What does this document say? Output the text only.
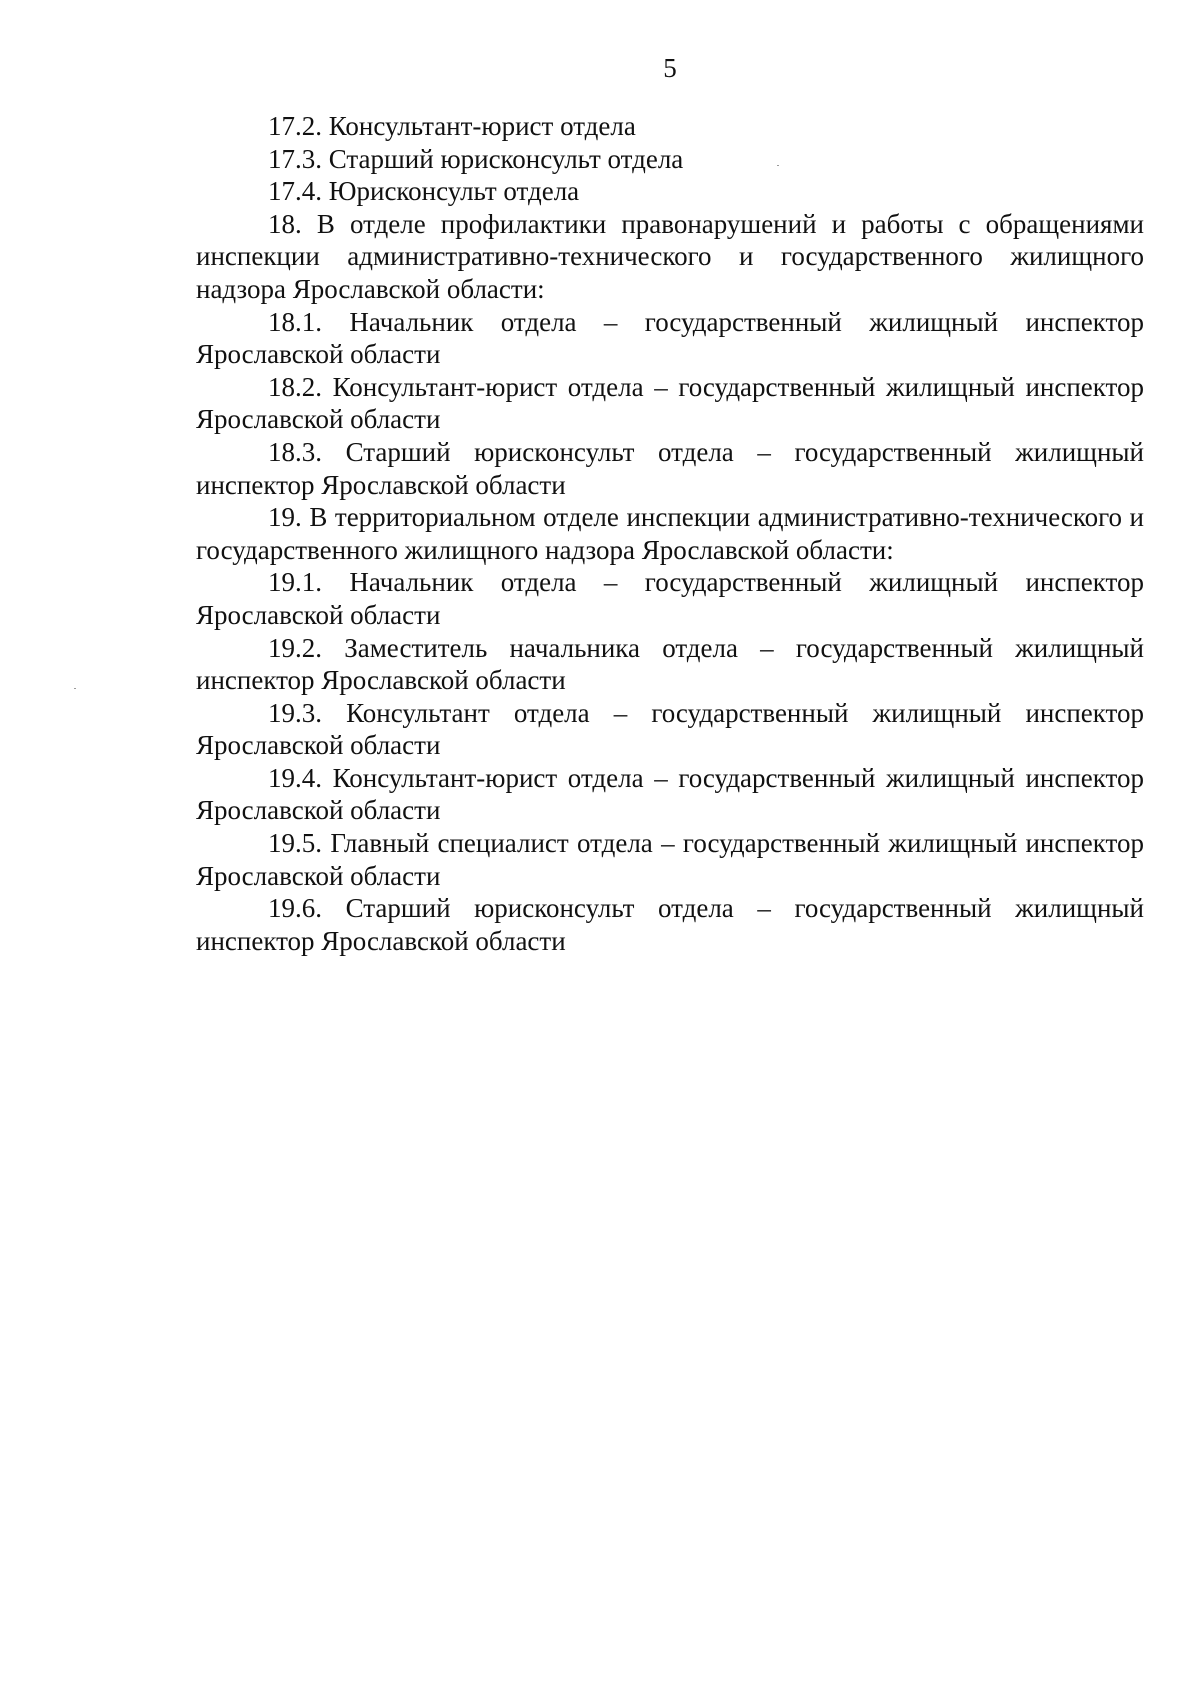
5

17.2. Консультант-юрист отдела

17.3. Старший юрисконсульт отдела

17.4. Юрисконсульт отдела

18. В отделе профилактики правонарушений и работы с обращениями инспекции административно-технического и государственного жилищного надзора Ярославской области:

18.1. Начальник отдела – государственный жилищный инспектор Ярославской области

18.2. Консультант-юрист отдела – государственный жилищный инспектор Ярославской области

18.3. Старший юрисконсульт отдела – государственный жилищный инспектор Ярославской области

19. В территориальном отделе инспекции административно-технического и государственного жилищного надзора Ярославской области:

19.1. Начальник отдела – государственный жилищный инспектор Ярославской области

19.2. Заместитель начальника отдела – государственный жилищный инспектор Ярославской области

19.3. Консультант отдела – государственный жилищный инспектор Ярославской области

19.4. Консультант-юрист отдела – государственный жилищный инспектор Ярославской области

19.5. Главный специалист отдела – государственный жилищный инспектор Ярославской области

19.6. Старший юрисконсульт отдела – государственный жилищный инспектор Ярославской области
